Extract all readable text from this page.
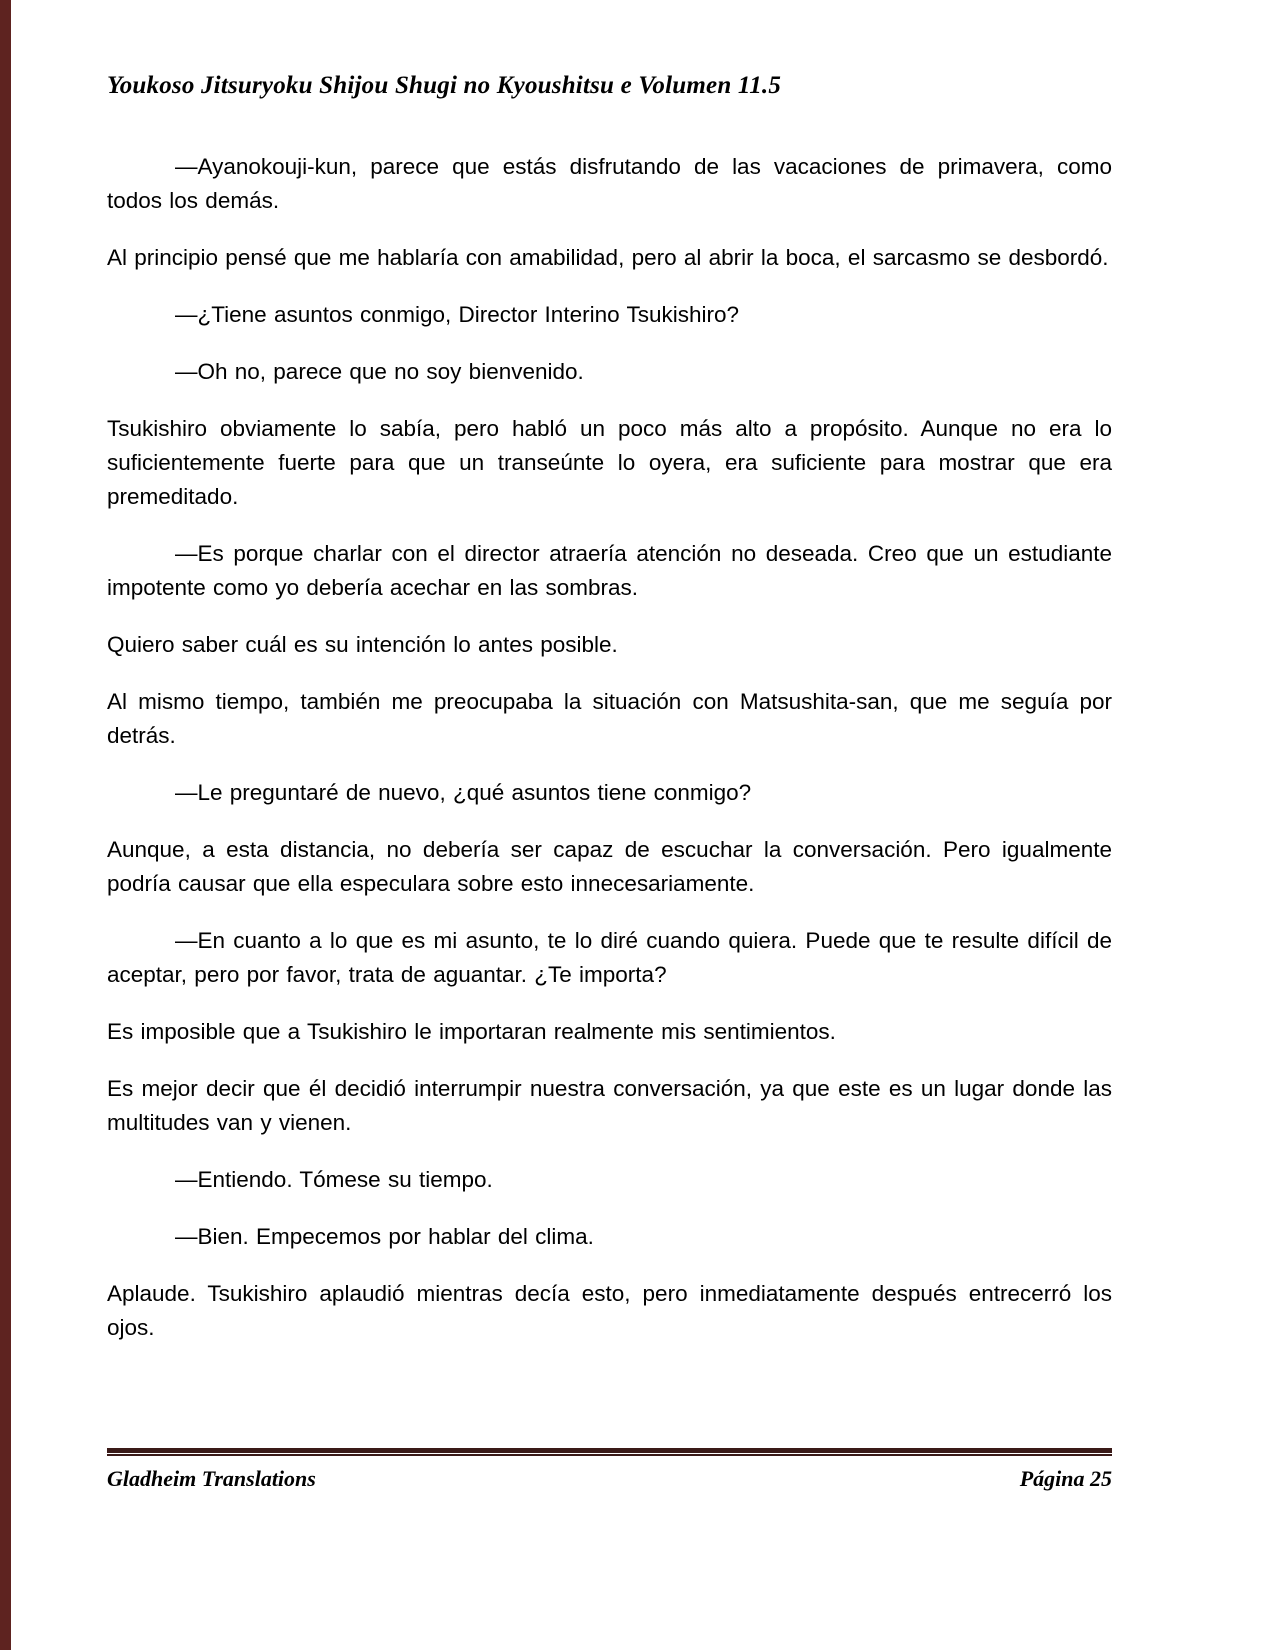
Youkoso Jitsuryoku Shijou Shugi no Kyoushitsu e Volumen 11.5

—Ayanokouji-kun, parece que estás disfrutando de las vacaciones de primavera, como todos los demás.

Al principio pensé que me hablaría con amabilidad, pero al abrir la boca, el sarcasmo se desbordó.

—¿Tiene asuntos conmigo, Director Interino Tsukishiro?

—Oh no, parece que no soy bienvenido.

Tsukishiro obviamente lo sabía, pero habló un poco más alto a propósito. Aunque no era lo suficientemente fuerte para que un transeúnte lo oyera, era suficiente para mostrar que era premeditado.

—Es porque charlar con el director atraería atención no deseada. Creo que un estudiante impotente como yo debería acechar en las sombras.

Quiero saber cuál es su intención lo antes posible.

Al mismo tiempo, también me preocupaba la situación con Matsushita-san, que me seguía por detrás.

—Le preguntaré de nuevo, ¿qué asuntos tiene conmigo?

Aunque, a esta distancia, no debería ser capaz de escuchar la conversación. Pero igualmente podría causar que ella especulara sobre esto innecesariamente.

—En cuanto a lo que es mi asunto, te lo diré cuando quiera. Puede que te resulte difícil de aceptar, pero por favor, trata de aguantar. ¿Te importa?

Es imposible que a Tsukishiro le importaran realmente mis sentimientos.

Es mejor decir que él decidió interrumpir nuestra conversación, ya que este es un lugar donde las multitudes van y vienen.

—Entiendo. Tómese su tiempo.

—Bien. Empecemos por hablar del clima.

Aplaude. Tsukishiro aplaudió mientras decía esto, pero inmediatamente después entrecerró los ojos.

Gladheim Translations	Página 25
